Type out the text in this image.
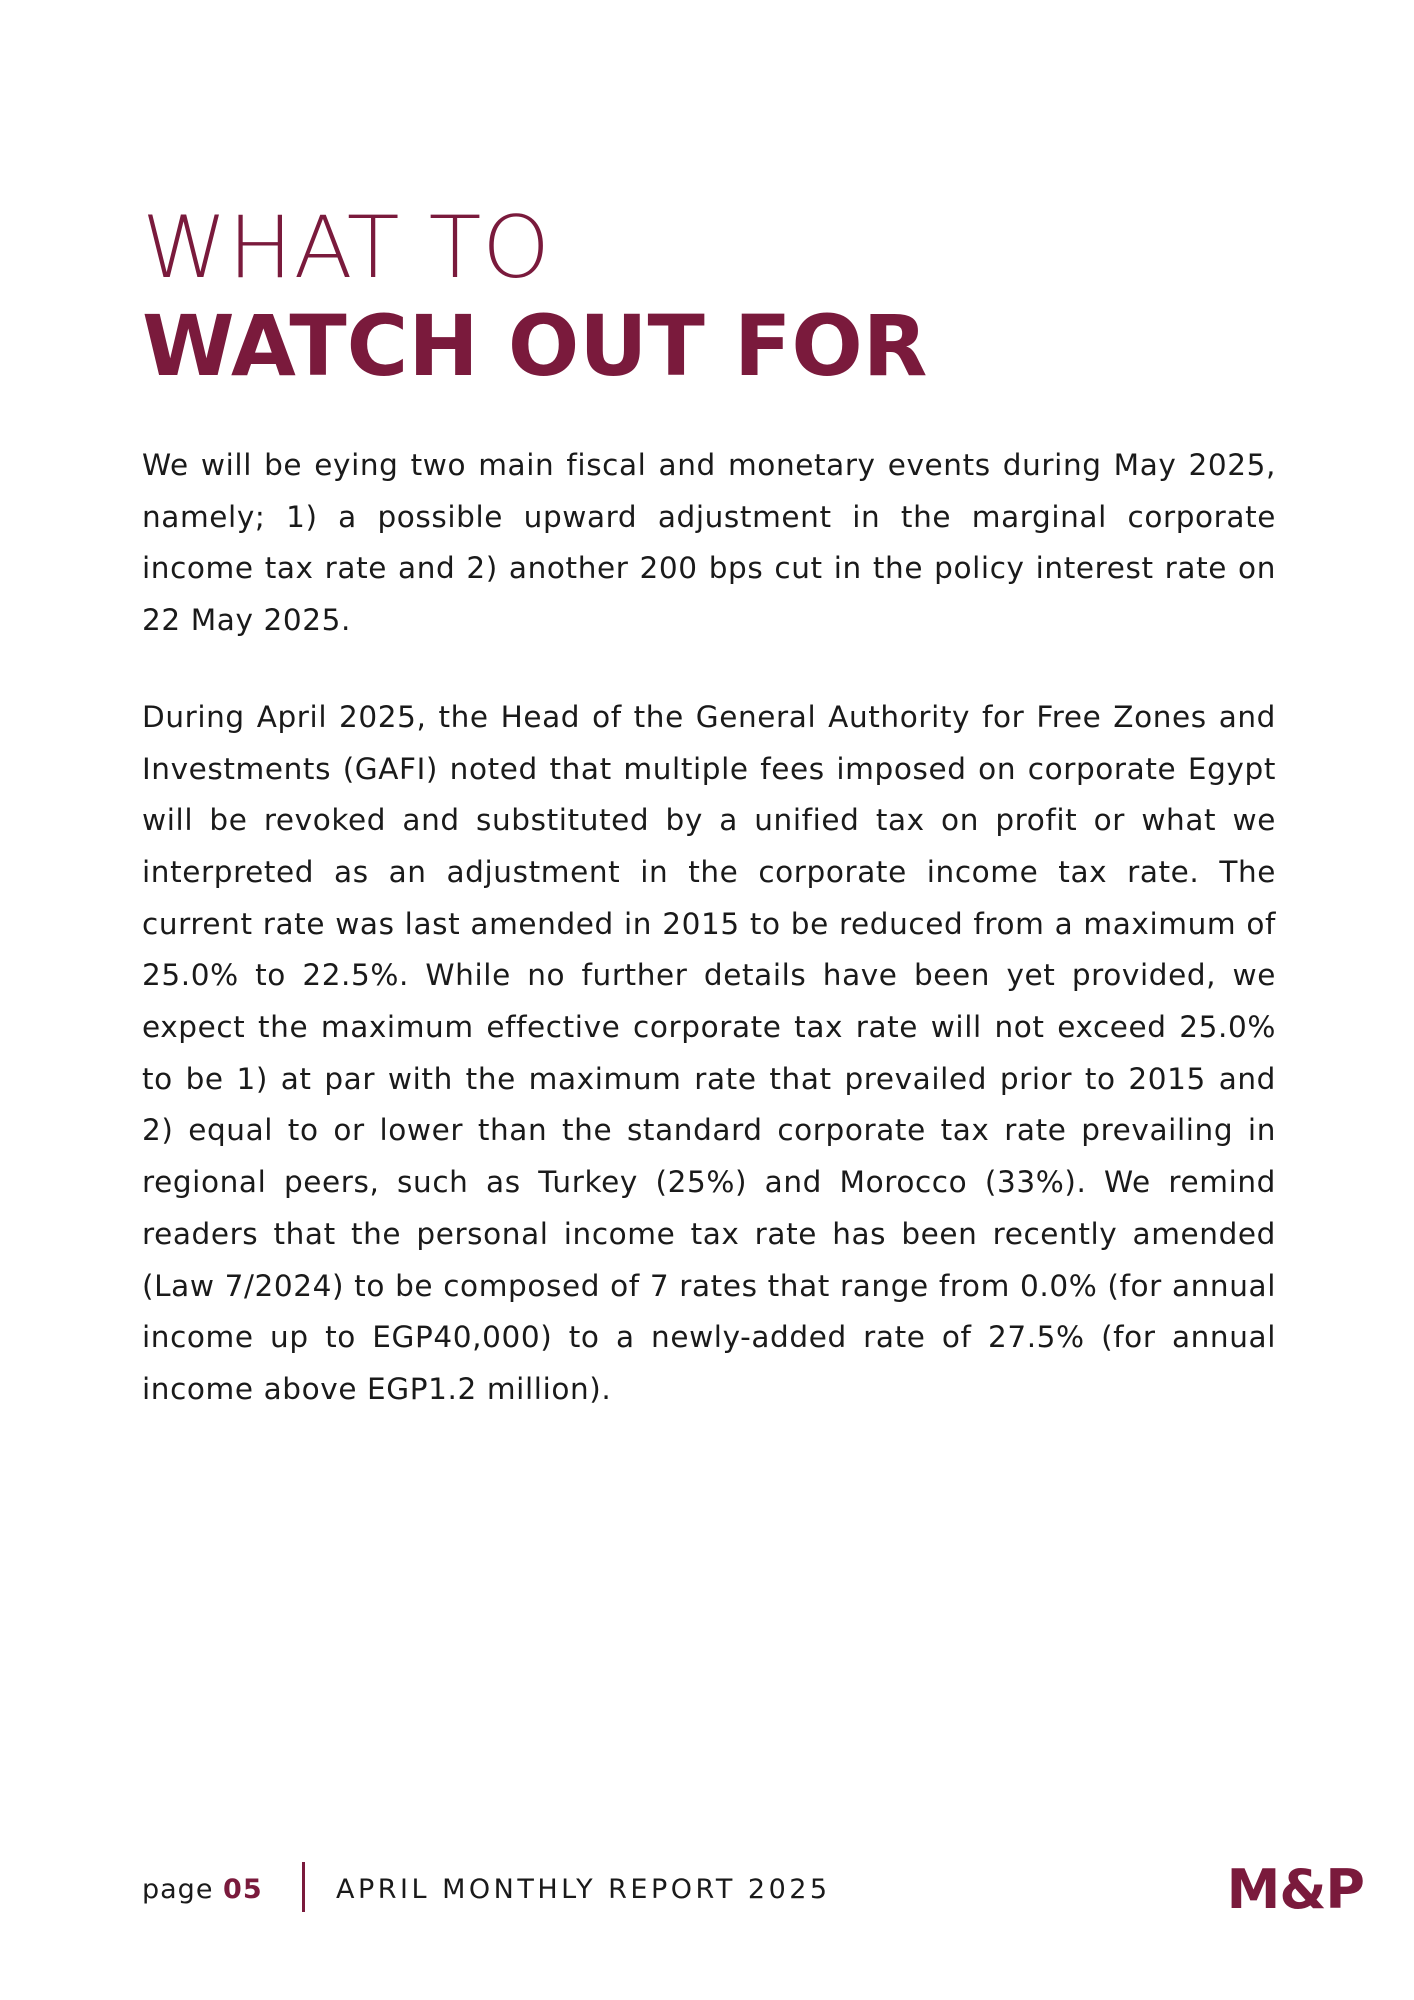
WHAT TO
WATCH OUT FOR

We will be eying two main fiscal and monetary events during May 2025, namely; 1) a possible upward adjustment in the marginal corporate income tax rate and 2) another 200 bps cut in the policy interest rate on 22 May 2025.

During April 2025, the Head of the General Authority for Free Zones and Investments (GAFI) noted that multiple fees imposed on corporate Egypt will be revoked and substituted by a unified tax on profit or what we interpreted as an adjustment in the corporate income tax rate. The current rate was last amended in 2015 to be reduced from a maximum of 25.0% to 22.5%. While no further details have been yet provided, we expect the maximum effective corporate tax rate will not exceed 25.0% to be 1) at par with the maximum rate that prevailed prior to 2015 and 2) equal to or lower than the standard corporate tax rate prevailing in regional peers, such as Turkey (25%) and Morocco (33%). We remind readers that the personal income tax rate has been recently amended (Law 7/2024) to be composed of 7 rates that range from 0.0% (for annual income up to EGP40,000) to a newly-added rate of 27.5% (for annual income above EGP1.2 million).

page 05	APRIL MONTHLY REPORT 2025	M&P
